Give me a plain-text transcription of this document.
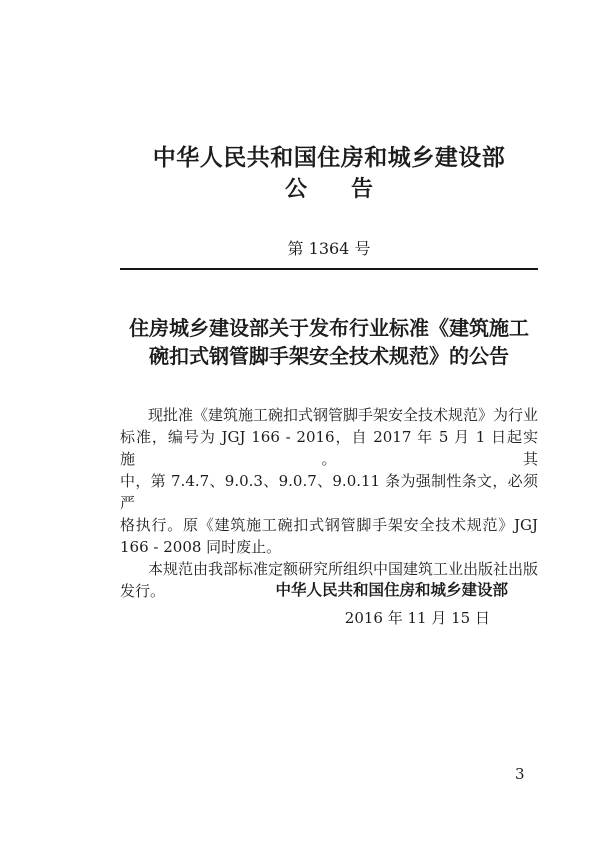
中华人民共和国住房和城乡建设部
公　　告
第 1364 号
住房城乡建设部关于发布行业标准《建筑施工
碗扣式钢管脚手架安全技术规范》的公告
现批准《建筑施工碗扣式钢管脚手架安全技术规范》为行业
标准，编号为 JGJ 166 - 2016，自 2017 年 5 月 1 日起实施。其
中，第 7.4.7、9.0.3、9.0.7、9.0.11 条为强制性条文，必须严
格执行。原《建筑施工碗扣式钢管脚手架安全技术规范》JGJ
166 - 2008 同时废止。
本规范由我部标准定额研究所组织中国建筑工业出版社出版
发行。	中华人民共和国住房和城乡建设部
2016 年 11 月 15 日
3
